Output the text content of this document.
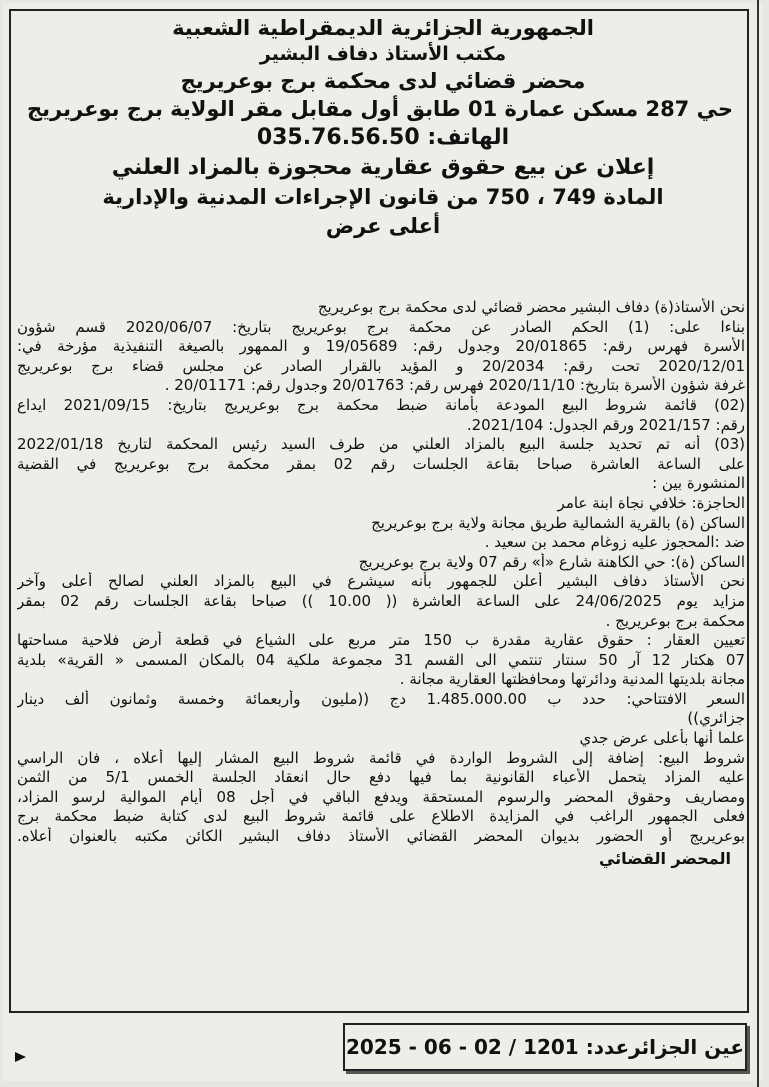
الجمهورية الجزائرية الديمقراطية الشعبية

مكتب الأستاذ دفاف البشير

محضر قضائي لدى محكمة برج بوعريريج

حي 287 مسكن عمارة 01 طابق أول مقابل مقر الولاية برج بوعريريج

الهاتف: 035.76.56.50

إعلان عن بيع حقوق عقارية محجوزة بالمزاد العلني

المادة 749 ، 750 من قانون الإجراءات المدنية والإدارية

أعلى عرض

نحن الأستاذ(ة) دفاف البشير محضر قضائي لدى محكمة برج بوعريريج

بناءا على: (1) الحكم الصادر عن محكمة برج بوعريريج بتاريخ: 2020/06/07 قسم شؤون

الأسرة فهرس رقم: 20/01865 وجدول رقم: 19/05689 و الممهور بالصيغة التنفيذية مؤرخة في:

2020/12/01 تحت رقم: 20/2034 و المؤيد بالقرار الصادر عن مجلس قضاء برج بوعريريج

غرفة شؤون الأسرة بتاريخ: 2020/11/10 فهرس رقم: 20/01763 وجدول رقم: 20/01171 .

(02) قائمة شروط البيع المودعة بأمانة ضبط محكمة برج بوعريريج بتاريخ: 2021/09/15 ايداع

رقم: 2021/157 ورقم الجدول: 2021/104.

(03) أنه تم تحديد جلسة البيع بالمزاد العلني من طرف السيد رئيس المحكمة لتاريخ 2022/01/18

على الساعة العاشرة صباحا بقاعة الجلسات رقم 02 بمقر محكمة برج بوعريريج في القضية

المنشورة بين :

الحاجزة: خلافي نجاة ابنة عامر

الساكن (ة) بالقرية الشمالية طريق مجانة ولاية برج بوعريريج

ضد :المحجوز عليه زوغام محمد بن سعيد .

الساكن (ة): حي الكاهنة شارع «أ» رقم 07 ولاية برج بوعريريج

نحن الأستاذ دفاف البشير أعلن للجمهور بأنه سيشرع في البيع بالمزاد العلني لصالح أعلى وآخر

مزايد يوم 24/06/2025 على الساعة العاشرة (( 10.00 )) صباحا بقاعة الجلسات رقم 02 بمقر

محكمة برج بوعريريج .

تعيين العقار : حقوق عقارية مقدرة ب 150 متر مربع على الشياع في قطعة أرض فلاحية مساحتها

07 هكتار 12 آر 50 سنتار تنتمي الى القسم 31 مجموعة ملكية 04 بالمكان المسمى « القرية» بلدية

مجانة بلديتها المدنية ودائرتها ومحافظتها العقارية مجانة .

السعر الافتتاحي: حدد ب 1.485.000.00 دج ((مليون وأربعمائة وخمسة وثمانون ألف دينار

جزائري))

علما أنها بأعلى عرض جدي

شروط البيع: إضافة إلى الشروط الواردة في قائمة شروط البيع المشار إليها أعلاه ، فان الراسي

عليه المزاد يتحمل الأعباء القانونية بما فيها دفع حال انعقاد الجلسة الخمس 5/1 من الثمن

ومصاريف وحقوق المحضر والرسوم المستحقة ويدفع الباقي في أجل 08 أيام الموالية لرسو المزاد،

فعلى الجمهور الراغب في المزايدة الاطلاع على قائمة شروط البيع لدى كتابة ضبط محكمة برج

بوعريريج أو الحضور بديوان المحضر القضائي الأستاذ دفاف البشير الكائن مكتبه بالعنوان أعلاه.

المحضر القضائي

عين الجزائرعدد: 1201 / 02 - 06 - 2025
